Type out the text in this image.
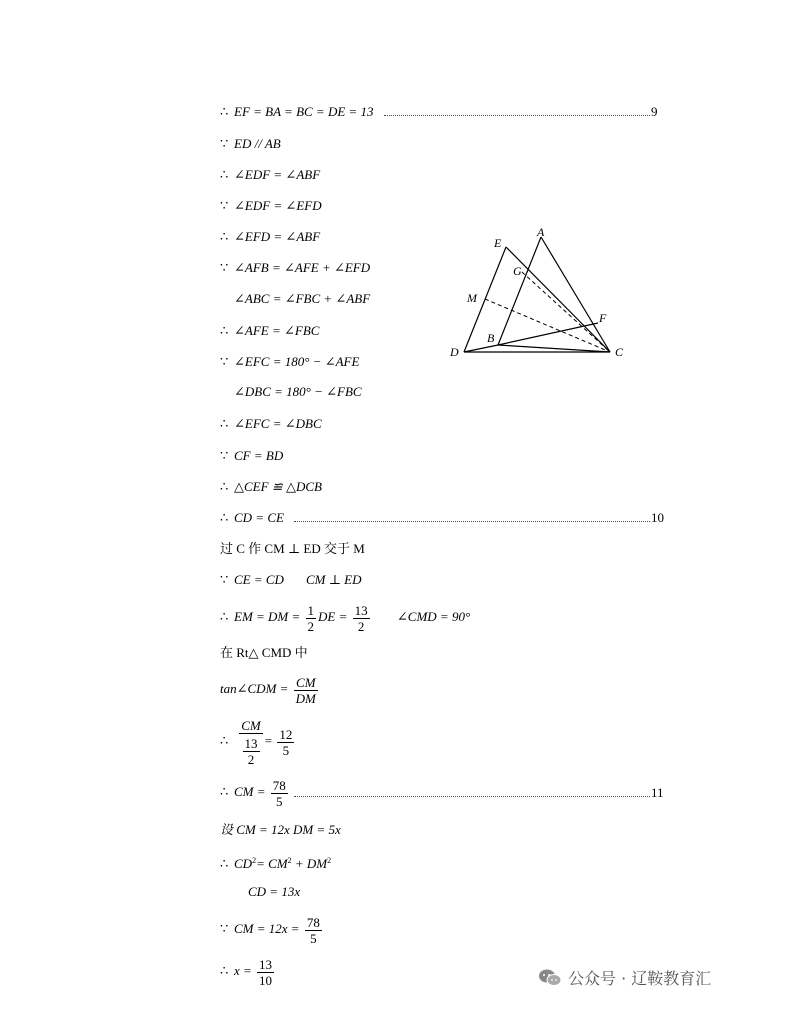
∴ EF = BA = BC = DE = 13	9
∵ ED // AB
∴ ∠EDF = ∠ABF
∵ ∠EDF = ∠EFD
∴ ∠EFD = ∠ABF
∵ ∠AFB = ∠AFE + ∠EFD
∠ABC = ∠FBC + ∠ABF
∴ ∠AFE = ∠FBC
∵ ∠EFC = 180° − ∠AFE
∠DBC = 180° − ∠FBC
∴ ∠EFC = ∠DBC
∵ CF = BD
∴ △CEF ≌ △DCB
∴ CD = CE	10
过 C 作 CM ⊥ ED 交于 M
∵ CE = CD CM ⊥ ED
∴ EM = DM = $\frac{1}{2}$ DE = $\frac{13}{2}$ ∠CMD = 90°
在 Rt△ CMD 中
tan∠CDM = $\frac{CM}{DM}$
∴ $\frac{CM}{\frac{13}{2}} = \frac{12}{5}$
∴ CM = $\frac{78}{5}$	11
设 CM = 12x DM = 5x
∴ $CD^2= CM^2 + DM^2$
CD = 13x
∵ CM = $12x = \frac{78}{5}$
∴ $x = \frac{13}{10}$
E
A
G
M
F
B
D	C
公众号 · 辽鞍教育汇
